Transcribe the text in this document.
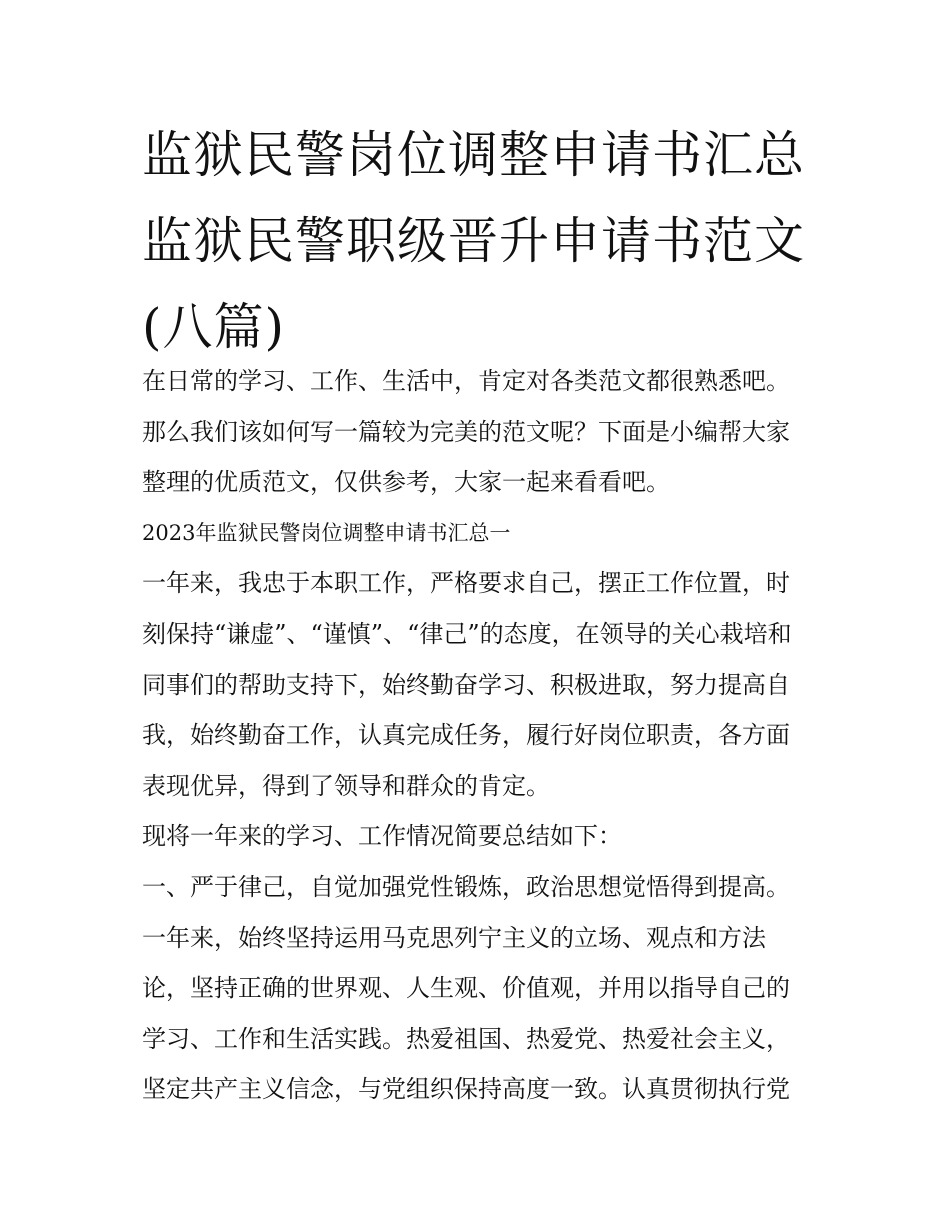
监狱民警岗位调整申请书汇总
监狱民警职级晋升申请书范文
(八篇)
在日常的学习、工作、生活中，肯定对各类范文都很熟悉吧。
那么我们该如何写一篇较为完美的范文呢？下面是小编帮大家
整理的优质范文，仅供参考，大家一起来看看吧。
2023年监狱民警岗位调整申请书汇总一
一年来，我忠于本职工作，严格要求自己，摆正工作位置，时
刻保持“谦虚”、“谨慎”、“律己”的态度，在领导的关心栽培和
同事们的帮助支持下，始终勤奋学习、积极进取，努力提高自
我，始终勤奋工作，认真完成任务，履行好岗位职责，各方面
表现优异，得到了领导和群众的肯定。
现将一年来的学习、工作情况简要总结如下：
一、严于律己，自觉加强党性锻炼，政治思想觉悟得到提高。
一年来，始终坚持运用马克思列宁主义的立场、观点和方法
论，坚持正确的世界观、人生观、价值观，并用以指导自己的
学习、工作和生活实践。热爱祖国、热爱党、热爱社会主义，
坚定共产主义信念，与党组织保持高度一致。认真贯彻执行党
